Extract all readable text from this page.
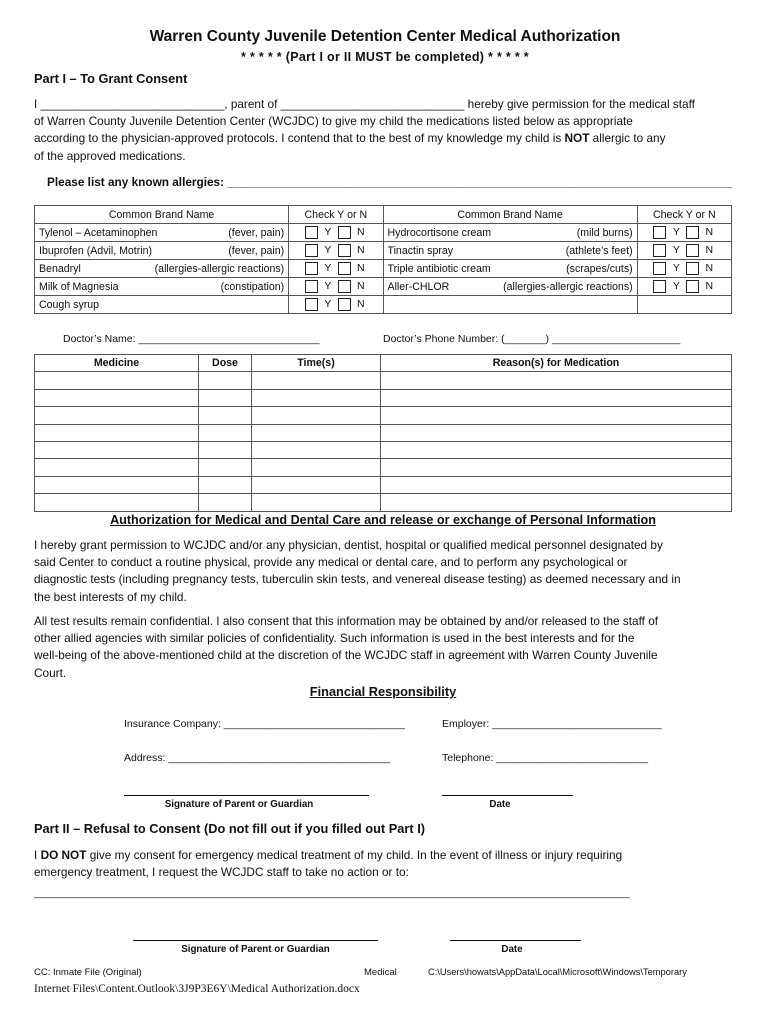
Warren County Juvenile Detention Center Medical Authorization
* * * * * (Part I or II MUST be completed) * * * * *
Part I – To Grant Consent
I ____________________________, parent of ____________________________ hereby give permission for the medical staff
of Warren County Juvenile Detention Center (WCJDC) to give my child the medications listed below as appropriate
according to the physician-approved protocols. I contend that to the best of my knowledge my child is NOT allergic to any
of the approved medications.
Please list any known allergies: _____________________________________________________________________________
Common Brand Name	Check Y or N	Common Brand Name	Check Y or N

Tylenol – Acetaminophen (fever, pain)	Y N	Hydrocortisone cream (mild burns)	Y N

Ibuprofen (Advil, Motrin) (fever, pain)	Y N	Tinactin spray (athlete’s feet)	Y N

Benadryl (allergies-allergic reactions)	Y N	Triple antibiotic cream (scrapes/cuts)	Y N

Milk of Magnesia (constipation)	Y N	Aller-CHLOR (allergies-allergic reactions)	Y N

Cough syrup	Y N		
Doctor’s Name: _______________________________	Doctor’s Phone Number: (_______) ______________________
Medicine	Dose	Time(s)	Reason(s) for Medication

Authorization for Medical and Dental Care and release or exchange of Personal Information
I hereby grant permission to WCJDC and/or any physician, dentist, hospital or qualified medical personnel designated by
said Center to conduct a routine physical, provide any medical or dental care, and to perform any psychological or
diagnostic tests (including pregnancy tests, tuberculin skin tests, and venereal disease testing) as deemed necessary and in
the best interests of my child.
All test results remain confidential. I also consent that this information may be obtained by and/or released to the staff of
other allied agencies with similar policies of confidentiality. Such information is used in the best interests and for the
well-being of the above-mentioned child at the discretion of the WCJDC staff in agreement with Warren County Juvenile
Court.
Financial Responsibility
Insurance Company: _______________________________	Employer: _____________________________
Address: ______________________________________	Telephone: __________________________
Signature of Parent or Guardian	Date
Part II – Refusal to Consent (Do not fill out if you filled out Part I)
I DO NOT give my consent for emergency medical treatment of my child. In the event of illness or injury requiring
emergency treatment, I request the WCJDC staff to take no action or to:
______________________________________________________________________________________________________
Signature of Parent or Guardian	Date
CC: Inmate File (Original)	Medical	C:\Users\howats\AppData\Local\Microsoft\Windows\Temporary
Internet Files\Content.Outlook\3J9P3E6Y\Medical Authorization.docx
